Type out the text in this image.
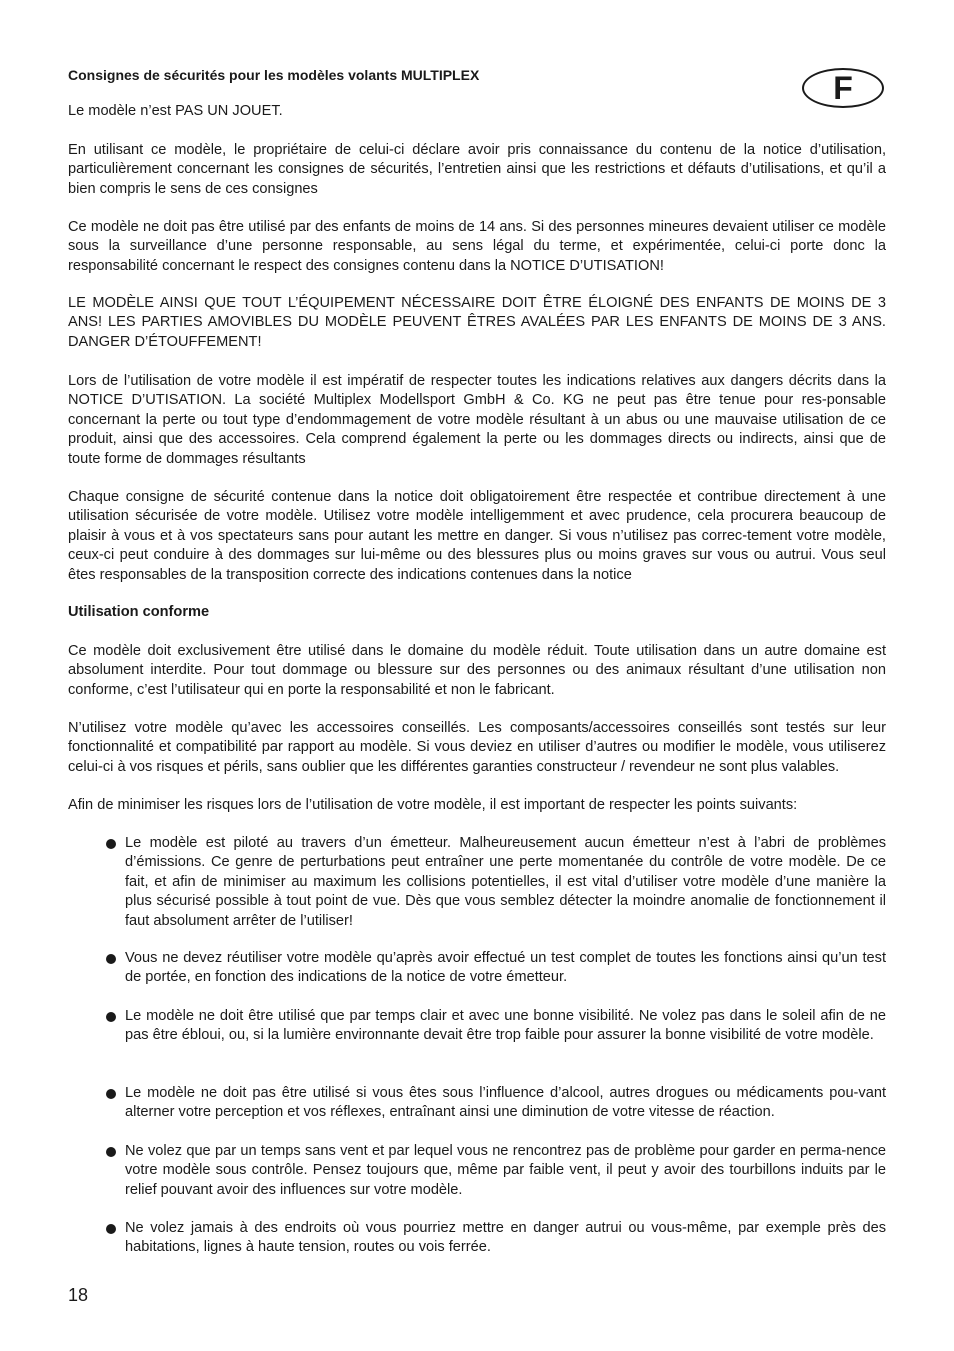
Consignes de sécurités pour les modèles volants MULTIPLEX

Le modèle n’est PAS UN JOUET.

En utilisant ce modèle, le propriétaire de celui-ci déclare avoir pris connaissance du contenu de la notice d’utilisation, particulièrement concernant les consignes de sécurités, l’entretien ainsi que les restrictions et défauts d’utilisations, et qu’il a bien compris le sens de ces consignes

Ce modèle ne doit pas être utilisé par des enfants de moins de 14 ans. Si des personnes mineures devaient utiliser ce modèle sous la surveillance d’une personne responsable, au sens légal du terme, et expérimentée, celui-ci porte donc la responsabilité concernant le respect des consignes contenu dans la NOTICE D’UTISATION!

LE MODÈLE AINSI QUE TOUT L’ÉQUIPEMENT NÉCESSAIRE DOIT ÊTRE ÉLOIGNÉ DES ENFANTS DE MOINS DE 3 ANS! LES PARTIES AMOVIBLES DU MODÈLE PEUVENT ÊTRES AVALÉES PAR LES ENFANTS DE MOINS DE 3 ANS. DANGER D’ÉTOUFFEMENT!

Lors de l’utilisation de votre modèle il est impératif de respecter toutes les indications relatives aux dangers décrits dans la NOTICE D’UTISATION. La société Multiplex Modellsport GmbH & Co. KG ne peut pas être tenue pour res-ponsable concernant la perte ou tout type d’endommagement de votre modèle résultant à un abus ou une mauvaise utilisation de ce produit, ainsi que des accessoires. Cela comprend également la perte ou les dommages directs ou indirects, ainsi que de toute forme de dommages résultants

Chaque consigne de sécurité contenue dans la notice doit obligatoirement être respectée et contribue directement à une utilisation sécurisée de votre modèle. Utilisez votre modèle intelligemment et avec prudence, cela procurera beaucoup de plaisir à vous et à vos spectateurs sans pour autant les mettre en danger. Si vous n’utilisez pas correc-tement votre modèle, ceux-ci peut conduire à des dommages sur lui-même ou des blessures plus ou moins graves sur vous ou autrui. Vous seul êtes responsables de la transposition correcte des indications contenues dans la notice

Utilisation conforme

Ce modèle doit exclusivement être utilisé dans le domaine du modèle réduit. Toute utilisation dans un autre domaine est absolument interdite. Pour tout dommage ou blessure sur des personnes ou des animaux résultant d’une utilisation non conforme, c’est l’utilisateur qui en porte la responsabilité et non le fabricant.

N’utilisez votre modèle qu’avec les accessoires conseillés. Les composants/accessoires conseillés sont testés sur leur fonctionnalité et compatibilité par rapport au modèle. Si vous deviez en utiliser d’autres ou modifier le modèle, vous utiliserez celui-ci à vos risques et périls, sans oublier que les différentes garanties constructeur / revendeur ne sont plus valables.

Afin de minimiser les risques lors de l’utilisation de votre modèle, il est important de respecter les points suivants:

Le modèle est piloté au travers d’un émetteur. Malheureusement aucun émetteur n’est à l’abri de problèmes d’émissions. Ce genre de perturbations peut entraîner une perte momentanée du contrôle de votre modèle. De ce fait, et afin de minimiser au maximum les collisions potentielles, il est vital d’utiliser votre modèle d’une manière la plus sécurisé possible à tout point de vue. Dès que vous semblez détecter la moindre anomalie de fonctionnement il faut absolument arrêter de l’utiliser!

Vous ne devez réutiliser votre modèle qu’après avoir effectué un test complet de toutes les fonctions ainsi qu’un test de portée, en fonction des indications de la notice de votre émetteur.

Le modèle ne doit être utilisé que par temps clair et avec une bonne visibilité. Ne volez pas dans le soleil afin de ne pas être ébloui, ou, si la lumière environnante devait être trop faible pour assurer la bonne visibilité de votre modèle.

Le modèle ne doit pas être utilisé si vous êtes sous l’influence d’alcool, autres drogues ou médicaments pou-vant alterner votre perception et vos réflexes, entraînant ainsi une diminution de votre vitesse de réaction.

Ne volez que par un temps sans vent et par lequel vous ne rencontrez pas de problème pour garder en perma-nence votre modèle sous contrôle. Pensez toujours que, même par faible vent, il peut y avoir des tourbillons induits par le relief pouvant avoir des influences sur votre modèle.

Ne volez jamais à des endroits où vous pourriez mettre en danger autrui ou vous-même, par exemple près des habitations, lignes à haute tension, routes ou vois ferrée.

F
18
